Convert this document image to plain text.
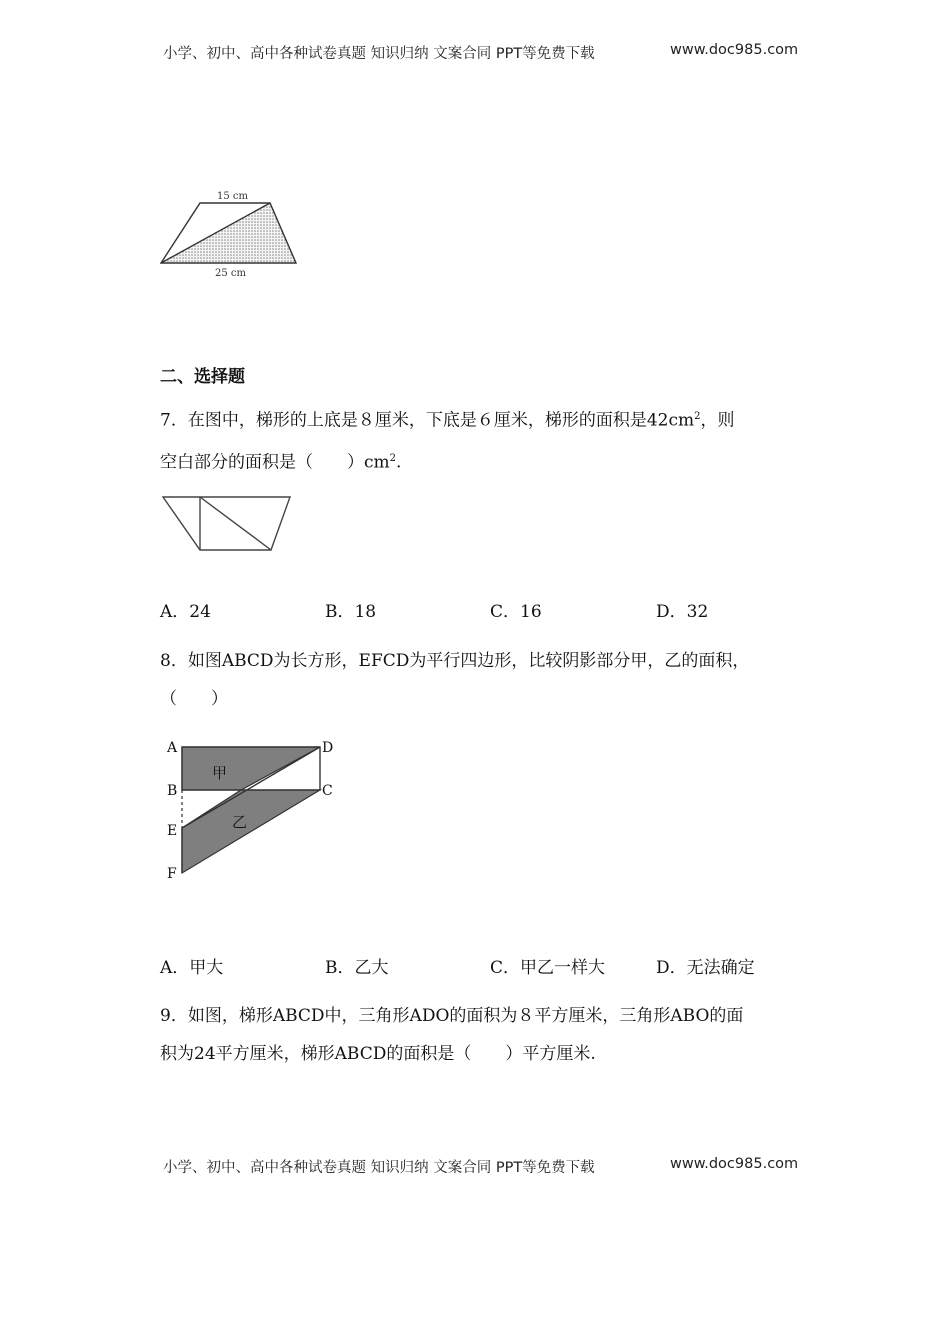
小学、初中、高中各种试卷真题 知识归纳 文案合同 PPT等免费下载	www.doc985.com
15 cm
25 cm
二、选择题
7．在图中，梯形的上底是８厘米，下底是６厘米，梯形的面积是$42cm^2$，则
空白部分的面积是（　　）$cm^2$.
A．24	B．18	C．16	D．32
8．如图ABCD为长方形，EFCD为平行四边形，比较阴影部分甲，乙的面积，
（　　）
A	D
B	C
E
F
甲
乙
A．甲大	B．乙大	C．甲乙一样大	D．无法确定
9．如图，梯形ABCD中，三角形ADO的面积为８平方厘米，三角形ABO的面
积为24平方厘米，梯形ABCD的面积是（　　）平方厘米.
小学、初中、高中各种试卷真题 知识归纳 文案合同 PPT等免费下载	www.doc985.com
